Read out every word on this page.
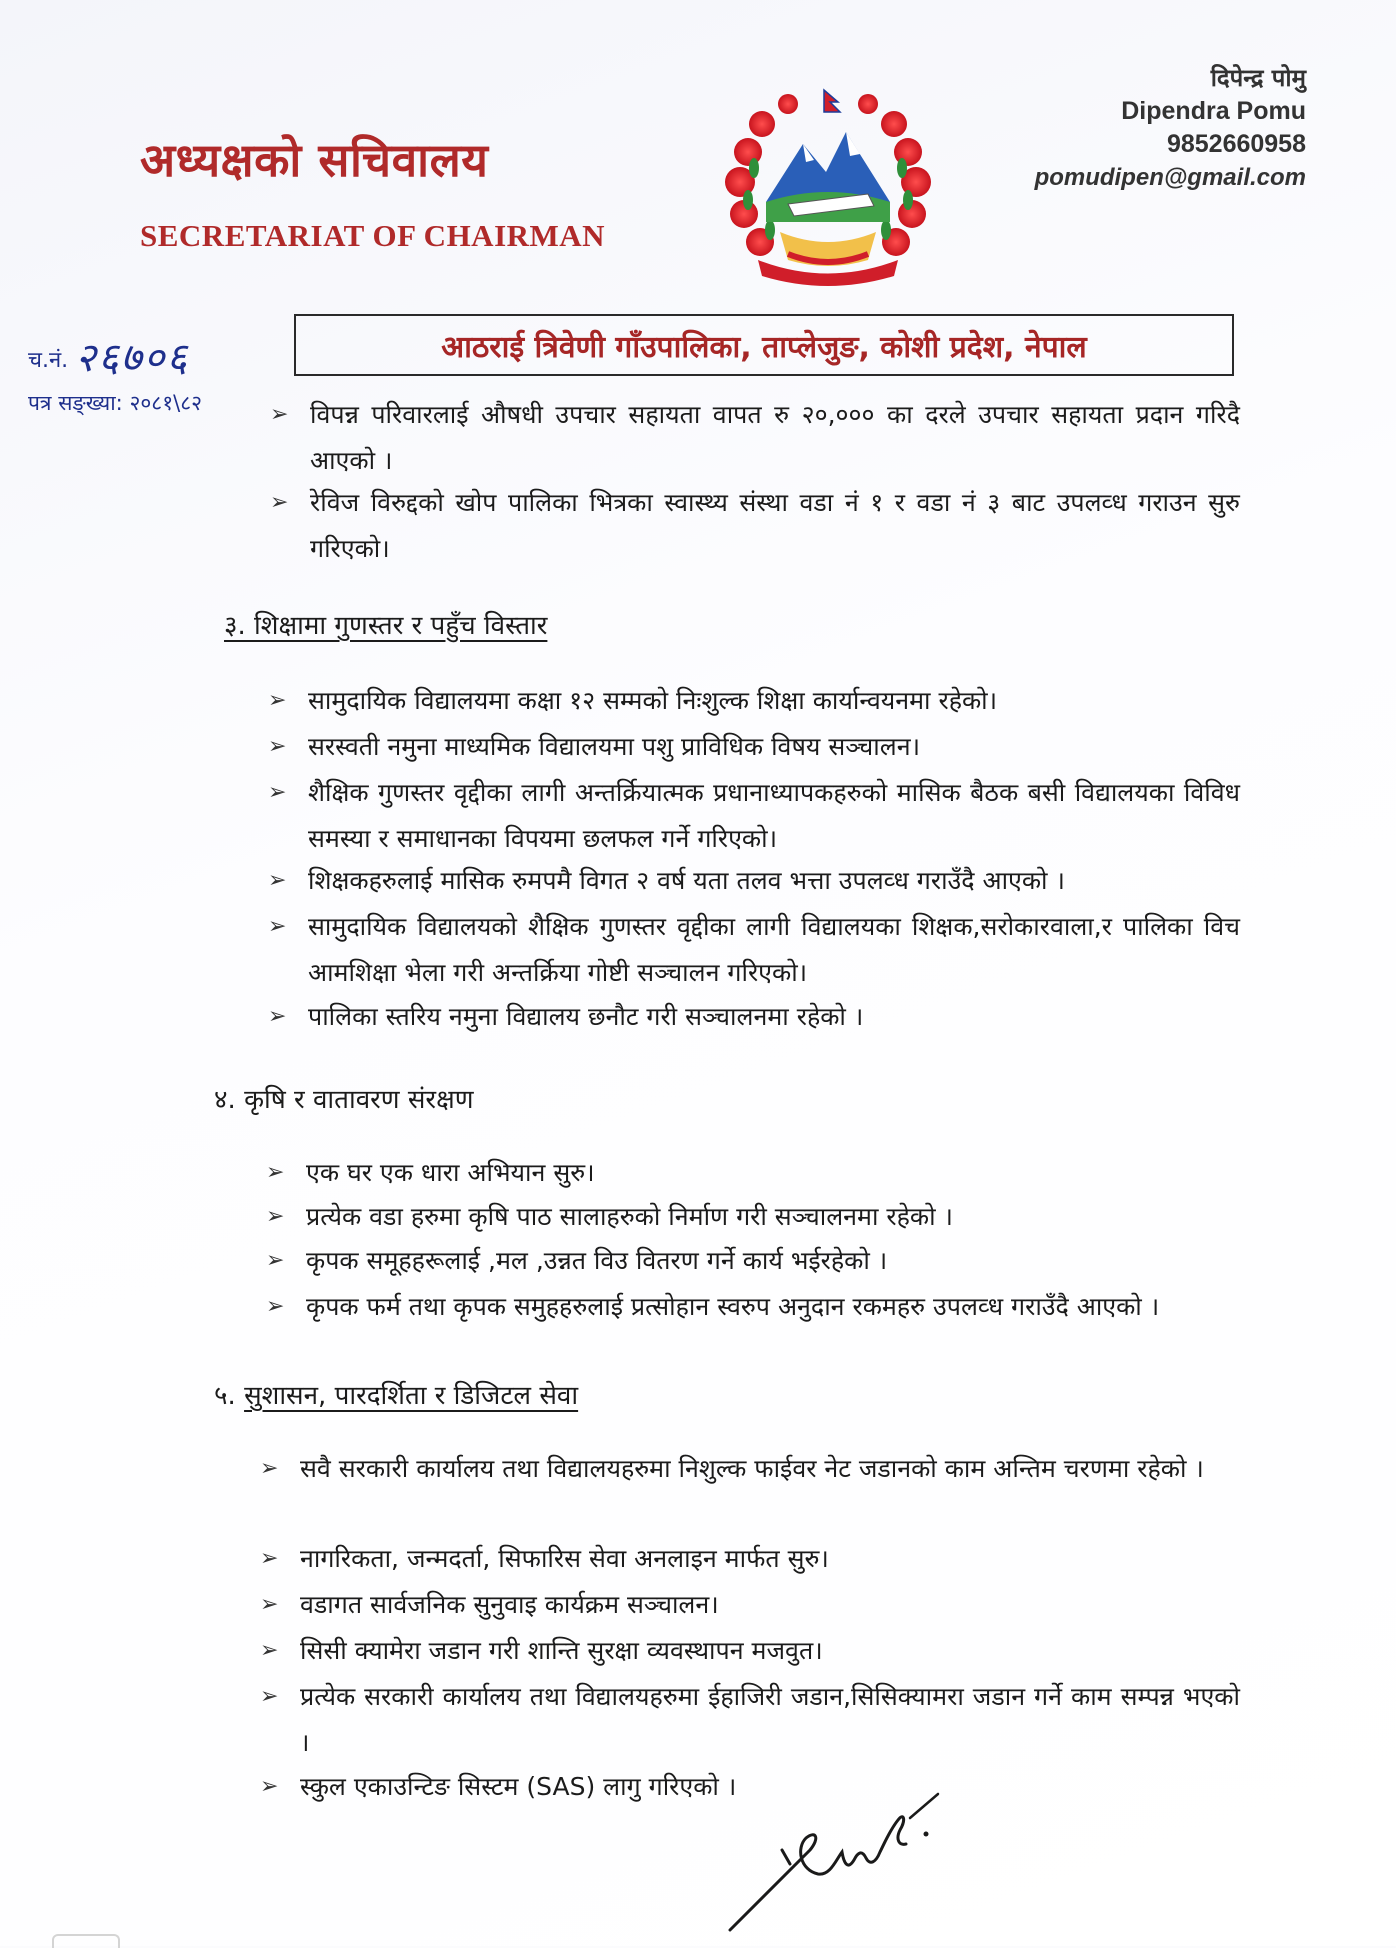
अध्यक्षको सचिवालय
SECRETARIAT OF CHAIRMAN
दिपेन्द्र पोमु
Dipendra Pomu
9852660958
pomudipen@gmail.com
च.नं. २६७०६
पत्र सङ्ख्या: २०८१\८२
आठराई त्रिवेणी गाँउपालिका, ताप्लेजुङ, कोशी प्रदेश, नेपाल
➢ विपन्न परिवारलाई औषधी उपचार सहायता वापत रु २०,००० का दरले उपचार सहायता प्रदान गरिदै आएको ।
➢ रेविज विरुद्दको खोप पालिका भित्रका स्वास्थ्य संस्था वडा नं १ र वडा नं ३ बाट उपलव्ध गराउन सुरु गरिएको।
३. शिक्षामा गुणस्तर र पहुँच विस्तार
➢ सामुदायिक विद्यालयमा कक्षा १२ सम्मको निःशुल्क शिक्षा कार्यान्वयनमा रहेको।
➢ सरस्वती नमुना माध्यमिक विद्यालयमा पशु प्राविधिक विषय सञ्चालन।
➢ शैक्षिक गुणस्तर वृद्दीका लागी अन्तर्क्रियात्मक प्रधानाध्यापकहरुको मासिक बैठक बसी विद्यालयका विविध समस्या र समाधानका विपयमा छलफल गर्ने गरिएको।
➢ शिक्षकहरुलाई मासिक रुमपमै विगत २ वर्ष यता तलव भत्ता उपलव्ध गराउँदै आएको ।
➢ सामुदायिक विद्यालयको शैक्षिक गुणस्तर वृद्दीका लागी विद्यालयका शिक्षक,सरोकारवाला,र पालिका विच आमशिक्षा भेला गरी अन्तर्क्रिया गोष्टी सञ्चालन गरिएको।
➢ पालिका स्तरिय नमुना विद्यालय छनौट गरी सञ्चालनमा रहेको ।
४. कृषि र वातावरण संरक्षण
➢ एक घर एक धारा अभियान सुरु।
➢ प्रत्येक वडा हरुमा कृषि पाठ सालाहरुको निर्माण गरी सञ्चालनमा रहेको ।
➢ कृपक समूहहरूलाई ,मल ,उन्नत विउ वितरण गर्ने कार्य भईरहेको ।
➢ कृपक फर्म तथा कृपक समुहहरुलाई प्रत्सोहान स्वरुप अनुदान रकमहरु उपलव्ध गराउँदै आएको ।
५. सुशासन, पारदर्शिता र डिजिटल सेवा
➢ सवै सरकारी कार्यालय तथा विद्यालयहरुमा निशुल्क फाईवर नेट जडानको काम अन्तिम चरणमा रहेको ।
➢ नागरिकता, जन्मदर्ता, सिफारिस सेवा अनलाइन मार्फत सुरु।
➢ वडागत सार्वजनिक सुनुवाइ कार्यक्रम सञ्चालन।
➢ सिसी क्यामेरा जडान गरी शान्ति सुरक्षा व्यवस्थापन मजवुत।
➢ प्रत्येक सरकारी कार्यालय तथा विद्यालयहरुमा ईहाजिरी जडान,सिसिक्यामरा जडान गर्ने काम सम्पन्न भएको ।
➢ स्कुल एकाउन्टिङ सिस्टम (SAS) लागु गरिएको ।
